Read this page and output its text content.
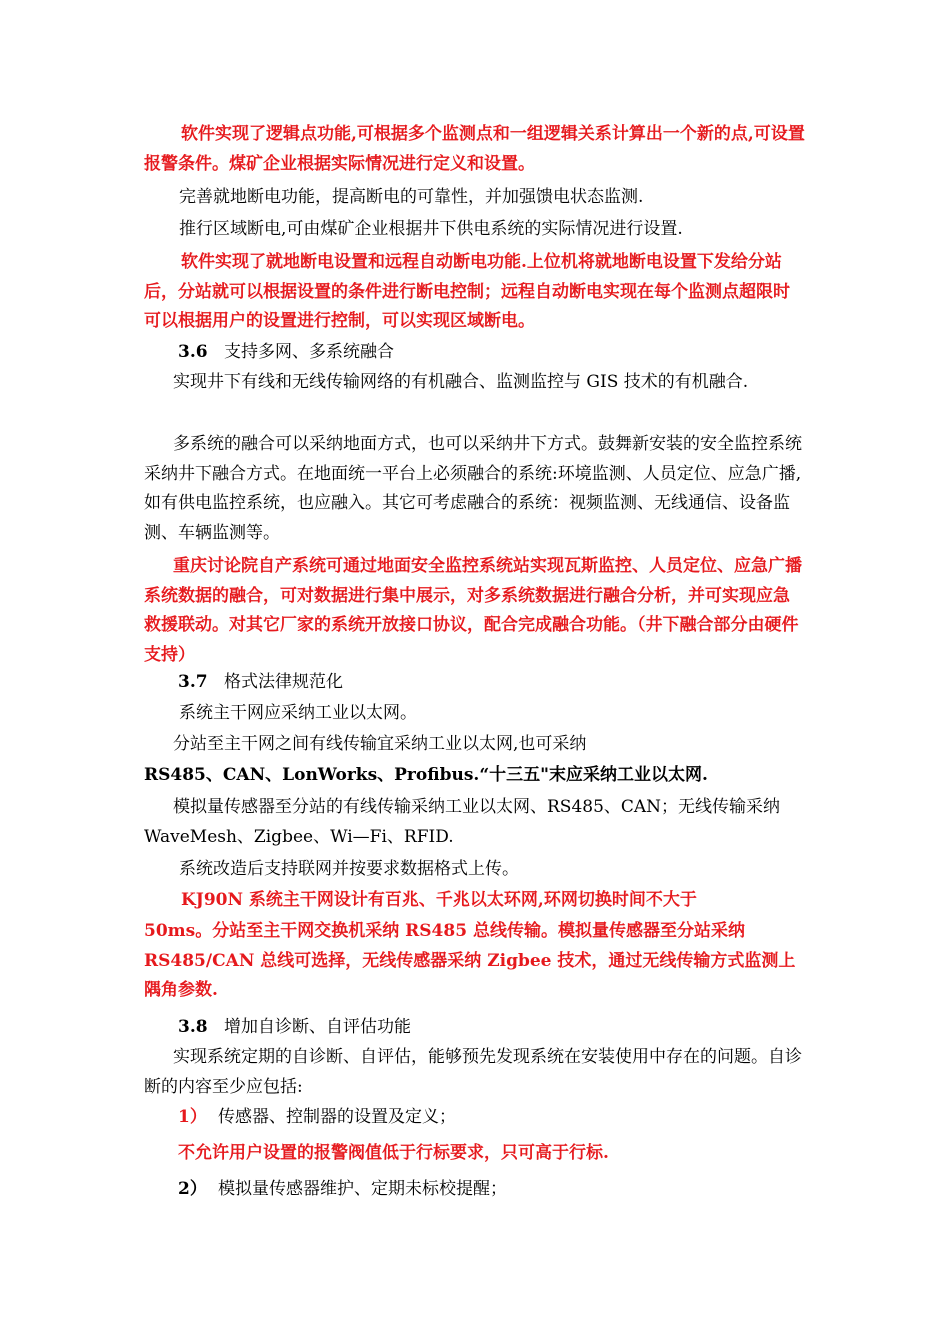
软件实现了逻辑点功能,可根据多个监测点和一组逻辑关系计算出一个新的点,可设置报警条件。煤矿企业根据实际情况进行定义和设置。

完善就地断电功能，提高断电的可靠性，并加强馈电状态监测.

推行区域断电,可由煤矿企业根据井下供电系统的实际情况进行设置.

软件实现了就地断电设置和远程自动断电功能.上位机将就地断电设置下发给分站后，分站就可以根据设置的条件进行断电控制；远程自动断电实现在每个监测点超限时可以根据用户的设置进行控制，可以实现区域断电。

3.6 支持多网、多系统融合

实现井下有线和无线传输网络的有机融合、监测监控与 GIS 技术的有机融合.

多系统的融合可以采纳地面方式，也可以采纳井下方式。鼓舞新安装的安全监控系统采纳井下融合方式。在地面统一平台上必须融合的系统:环境监测、人员定位、应急广播,如有供电监控系统，也应融入。其它可考虑融合的系统：视频监测、无线通信、设备监测、车辆监测等。

重庆讨论院自产系统可通过地面安全监控系统站实现瓦斯监控、人员定位、应急广播系统数据的融合，可对数据进行集中展示，对多系统数据进行融合分析，并可实现应急救援联动。对其它厂家的系统开放接口协议，配合完成融合功能。（井下融合部分由硬件支持）

3.7 格式法律规范化

系统主干网应采纳工业以太网。

分站至主干网之间有线传输宜采纳工业以太网,也可采纳

RS485、CAN、LonWorks、Profibus.“十三五"末应采纳工业以太网.

模拟量传感器至分站的有线传输采纳工业以太网、RS485、CAN；无线传输采纳 WaveMesh、Zigbee、Wi—Fi、RFID.

系统改造后支持联网并按要求数据格式上传。

KJ90N 系统主干网设计有百兆、千兆以太环网,环网切换时间不大于

50ms。分站至主干网交换机采纳 RS485 总线传输。模拟量传感器至分站采纳 RS485/CAN 总线可选择，无线传感器采纳 Zigbee 技术，通过无线传输方式监测上隅角参数.

3.8 增加自诊断、自评估功能

实现系统定期的自诊断、自评估，能够预先发现系统在安装使用中存在的问题。自诊断的内容至少应包括:

1） 传感器、控制器的设置及定义；

不允许用户设置的报警阀值低于行标要求，只可高于行标.

2） 模拟量传感器维护、定期未标校提醒；
